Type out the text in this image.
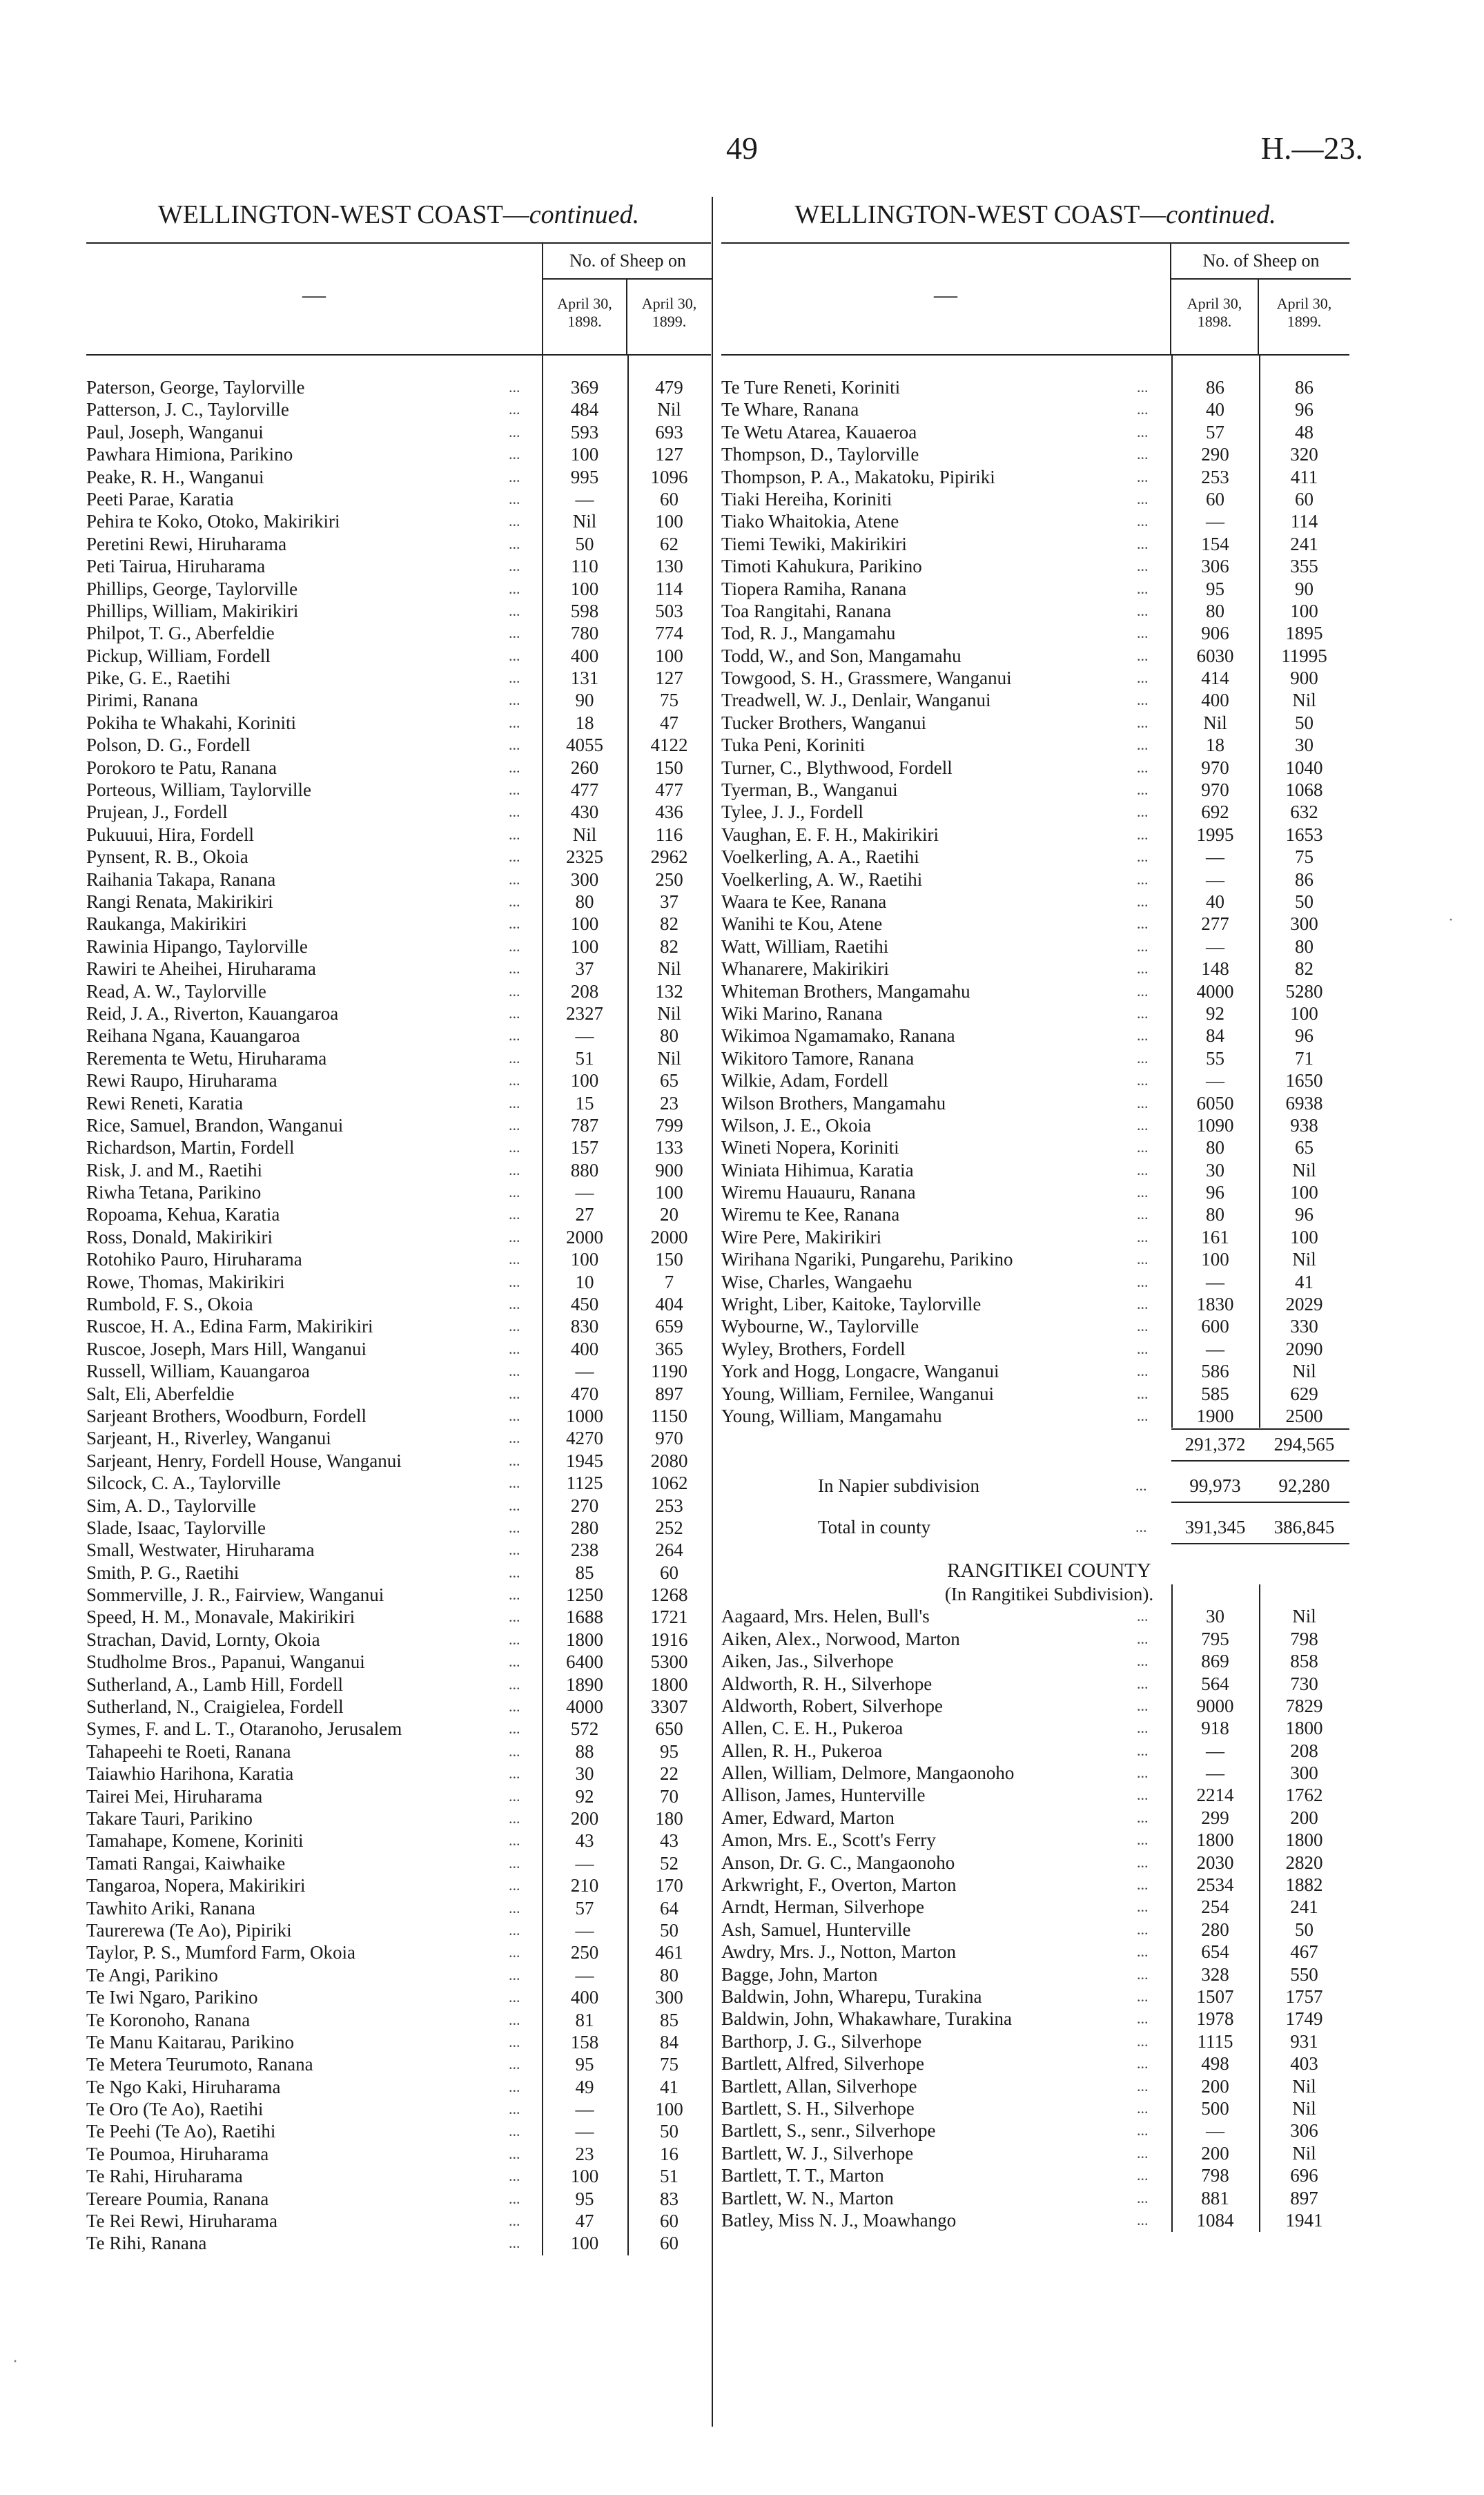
49	H.—23.
WELLINGTON-WEST COAST—continued.
—
No. of Sheep on
April 30,
1898.
April 30,
1899.
Paterson, George, Taylorville	...	369	479
Patterson, J. C., Taylorville	...	484	Nil
Paul, Joseph, Wanganui	...	593	693
Pawhara Himiona, Parikino	...	100	127
Peake, R. H., Wanganui	...	995	1096
Peeti Parae, Karatia	...	—	60
Pehira te Koko, Otoko, Makirikiri	...	Nil	100
Peretini Rewi, Hiruharama	...	50	62
Peti Tairua, Hiruharama	...	110	130
Phillips, George, Taylorville	...	100	114
Phillips, William, Makirikiri	...	598	503
Philpot, T. G., Aberfeldie	...	780	774
Pickup, William, Fordell	...	400	100
Pike, G. E., Raetihi	...	131	127
Pirimi, Ranana	...	90	75
Pokiha te Whakahi, Koriniti	...	18	47
Polson, D. G., Fordell	...	4055	4122
Porokoro te Patu, Ranana	...	260	150
Porteous, William, Taylorville	...	477	477
Prujean, J., Fordell	...	430	436
Pukuuui, Hira, Fordell	...	Nil	116
Pynsent, R. B., Okoia	...	2325	2962
Raihania Takapa, Ranana	...	300	250
Rangi Renata, Makirikiri	...	80	37
Raukanga, Makirikiri	...	100	82
Rawinia Hipango, Taylorville	...	100	82
Rawiri te Aheihei, Hiruharama	...	37	Nil
Read, A. W., Taylorville	...	208	132
Reid, J. A., Riverton, Kauangaroa	...	2327	Nil
Reihana Ngana, Kauangaroa	...	—	80
Rerementa te Wetu, Hiruharama	...	51	Nil
Rewi Raupo, Hiruharama	...	100	65
Rewi Reneti, Karatia	...	15	23
Rice, Samuel, Brandon, Wanganui	...	787	799
Richardson, Martin, Fordell	...	157	133
Risk, J. and M., Raetihi	...	880	900
Riwha Tetana, Parikino	...	—	100
Ropoama, Kehua, Karatia	...	27	20
Ross, Donald, Makirikiri	...	2000	2000
Rotohiko Pauro, Hiruharama	...	100	150
Rowe, Thomas, Makirikiri	...	10	7
Rumbold, F. S., Okoia	...	450	404
Ruscoe, H. A., Edina Farm, Makirikiri	...	830	659
Ruscoe, Joseph, Mars Hill, Wanganui	...	400	365
Russell, William, Kauangaroa	...	—	1190
Salt, Eli, Aberfeldie	...	470	897
Sarjeant Brothers, Woodburn, Fordell	...	1000	1150
Sarjeant, H., Riverley, Wanganui	...	4270	970
Sarjeant, Henry, Fordell House, Wanganui	...	1945	2080
Silcock, C. A., Taylorville	...	1125	1062
Sim, A. D., Taylorville	...	270	253
Slade, Isaac, Taylorville	...	280	252
Small, Westwater, Hiruharama	...	238	264
Smith, P. G., Raetihi	...	85	60
Sommerville, J. R., Fairview, Wanganui	...	1250	1268
Speed, H. M., Monavale, Makirikiri	...	1688	1721
Strachan, David, Lornty, Okoia	...	1800	1916
Studholme Bros., Papanui, Wanganui	...	6400	5300
Sutherland, A., Lamb Hill, Fordell	...	1890	1800
Sutherland, N., Craigielea, Fordell	...	4000	3307
Symes, F. and L. T., Otaranoho, Jerusalem	...	572	650
Tahapeehi te Roeti, Ranana	...	88	95
Taiawhio Harihona, Karatia	...	30	22
Tairei Mei, Hiruharama	...	92	70
Takare Tauri, Parikino	...	200	180
Tamahape, Komene, Koriniti	...	43	43
Tamati Rangai, Kaiwhaike	...	—	52
Tangaroa, Nopera, Makirikiri	...	210	170
Tawhito Ariki, Ranana	...	57	64
Taurerewa (Te Ao), Pipiriki	...	—	50
Taylor, P. S., Mumford Farm, Okoia	...	250	461
Te Angi, Parikino	...	—	80
Te Iwi Ngaro, Parikino	...	400	300
Te Koronoho, Ranana	...	81	85
Te Manu Kaitarau, Parikino	...	158	84
Te Metera Teurumoto, Ranana	...	95	75
Te Ngo Kaki, Hiruharama	...	49	41
Te Oro (Te Ao), Raetihi	...	—	100
Te Peehi (Te Ao), Raetihi	...	—	50
Te Poumoa, Hiruharama	...	23	16
Te Rahi, Hiruharama	...	100	51
Tereare Poumia, Ranana	...	95	83
Te Rei Rewi, Hiruharama	...	47	60
Te Rihi, Ranana	...	100	60
WELLINGTON-WEST COAST—continued.
—
No. of Sheep on
April 30,
1898.
April 30,
1899.
Te Ture Reneti, Koriniti	...	86	86
Te Whare, Ranana	...	40	96
Te Wetu Atarea, Kauaeroa	...	57	48
Thompson, D., Taylorville	...	290	320
Thompson, P. A., Makatoku, Pipiriki	...	253	411
Tiaki Hereiha, Koriniti	...	60	60
Tiako Whaitokia, Atene	...	—	114
Tiemi Tewiki, Makirikiri	...	154	241
Timoti Kahukura, Parikino	...	306	355
Tiopera Ramiha, Ranana	...	95	90
Toa Rangitahi, Ranana	...	80	100
Tod, R. J., Mangamahu	...	906	1895
Todd, W., and Son, Mangamahu	...	6030	11995
Towgood, S. H., Grassmere, Wanganui	...	414	900
Treadwell, W. J., Denlair, Wanganui	...	400	Nil
Tucker Brothers, Wanganui	...	Nil	50
Tuka Peni, Koriniti	...	18	30
Turner, C., Blythwood, Fordell	...	970	1040
Tyerman, B., Wanganui	...	970	1068
Tylee, J. J., Fordell	...	692	632
Vaughan, E. F. H., Makirikiri	...	1995	1653
Voelkerling, A. A., Raetihi	...	—	75
Voelkerling, A. W., Raetihi	...	—	86
Waara te Kee, Ranana	...	40	50
Wanihi te Kou, Atene	...	277	300
Watt, William, Raetihi	...	—	80
Whanarere, Makirikiri	...	148	82
Whiteman Brothers, Mangamahu	...	4000	5280
Wiki Marino, Ranana	...	92	100
Wikimoa Ngamamako, Ranana	...	84	96
Wikitoro Tamore, Ranana	...	55	71
Wilkie, Adam, Fordell	...	—	1650
Wilson Brothers, Mangamahu	...	6050	6938
Wilson, J. E., Okoia	...	1090	938
Wineti Nopera, Koriniti	...	80	65
Winiata Hihimua, Karatia	...	30	Nil
Wiremu Hauauru, Ranana	...	96	100
Wiremu te Kee, Ranana	...	80	96
Wire Pere, Makirikiri	...	161	100
Wirihana Ngariki, Pungarehu, Parikino	...	100	Nil
Wise, Charles, Wangaehu	...	—	41
Wright, Liber, Kaitoke, Taylorville	...	1830	2029
Wybourne, W., Taylorville	...	600	330
Wyley, Brothers, Fordell	...	—	2090
York and Hogg, Longacre, Wanganui	...	586	Nil
Young, William, Fernilee, Wanganui	...	585	629
Young, William, Mangamahu	...	1900	2500
291,372	294,565
In Napier subdivision	...	99,973	92,280
Total in county	...	391,345	386,845
RANGITIKEI COUNTY
(In Rangitikei Subdivision).
Aagaard, Mrs. Helen, Bull's	...	30	Nil
Aiken, Alex., Norwood, Marton	...	795	798
Aiken, Jas., Silverhope	...	869	858
Aldworth, R. H., Silverhope	...	564	730
Aldworth, Robert, Silverhope	...	9000	7829
Allen, C. E. H., Pukeroa	...	918	1800
Allen, R. H., Pukeroa	...	—	208
Allen, William, Delmore, Mangaonoho	...	—	300
Allison, James, Hunterville	...	2214	1762
Amer, Edward, Marton	...	299	200
Amon, Mrs. E., Scott's Ferry	...	1800	1800
Anson, Dr. G. C., Mangaonoho	...	2030	2820
Arkwright, F., Overton, Marton	...	2534	1882
Arndt, Herman, Silverhope	...	254	241
Ash, Samuel, Hunterville	...	280	50
Awdry, Mrs. J., Notton, Marton	...	654	467
Bagge, John, Marton	...	328	550
Baldwin, John, Wharepu, Turakina	...	1507	1757
Baldwin, John, Whakawhare, Turakina	...	1978	1749
Barthorp, J. G., Silverhope	...	1115	931
Bartlett, Alfred, Silverhope	...	498	403
Bartlett, Allan, Silverhope	...	200	Nil
Bartlett, S. H., Silverhope	...	500	Nil
Bartlett, S., senr., Silverhope	...	—	306
Bartlett, W. J., Silverhope	...	200	Nil
Bartlett, T. T., Marton	...	798	696
Bartlett, W. N., Marton	...	881	897
Batley, Miss N. J., Moawhango	...	1084	1941
·
·
